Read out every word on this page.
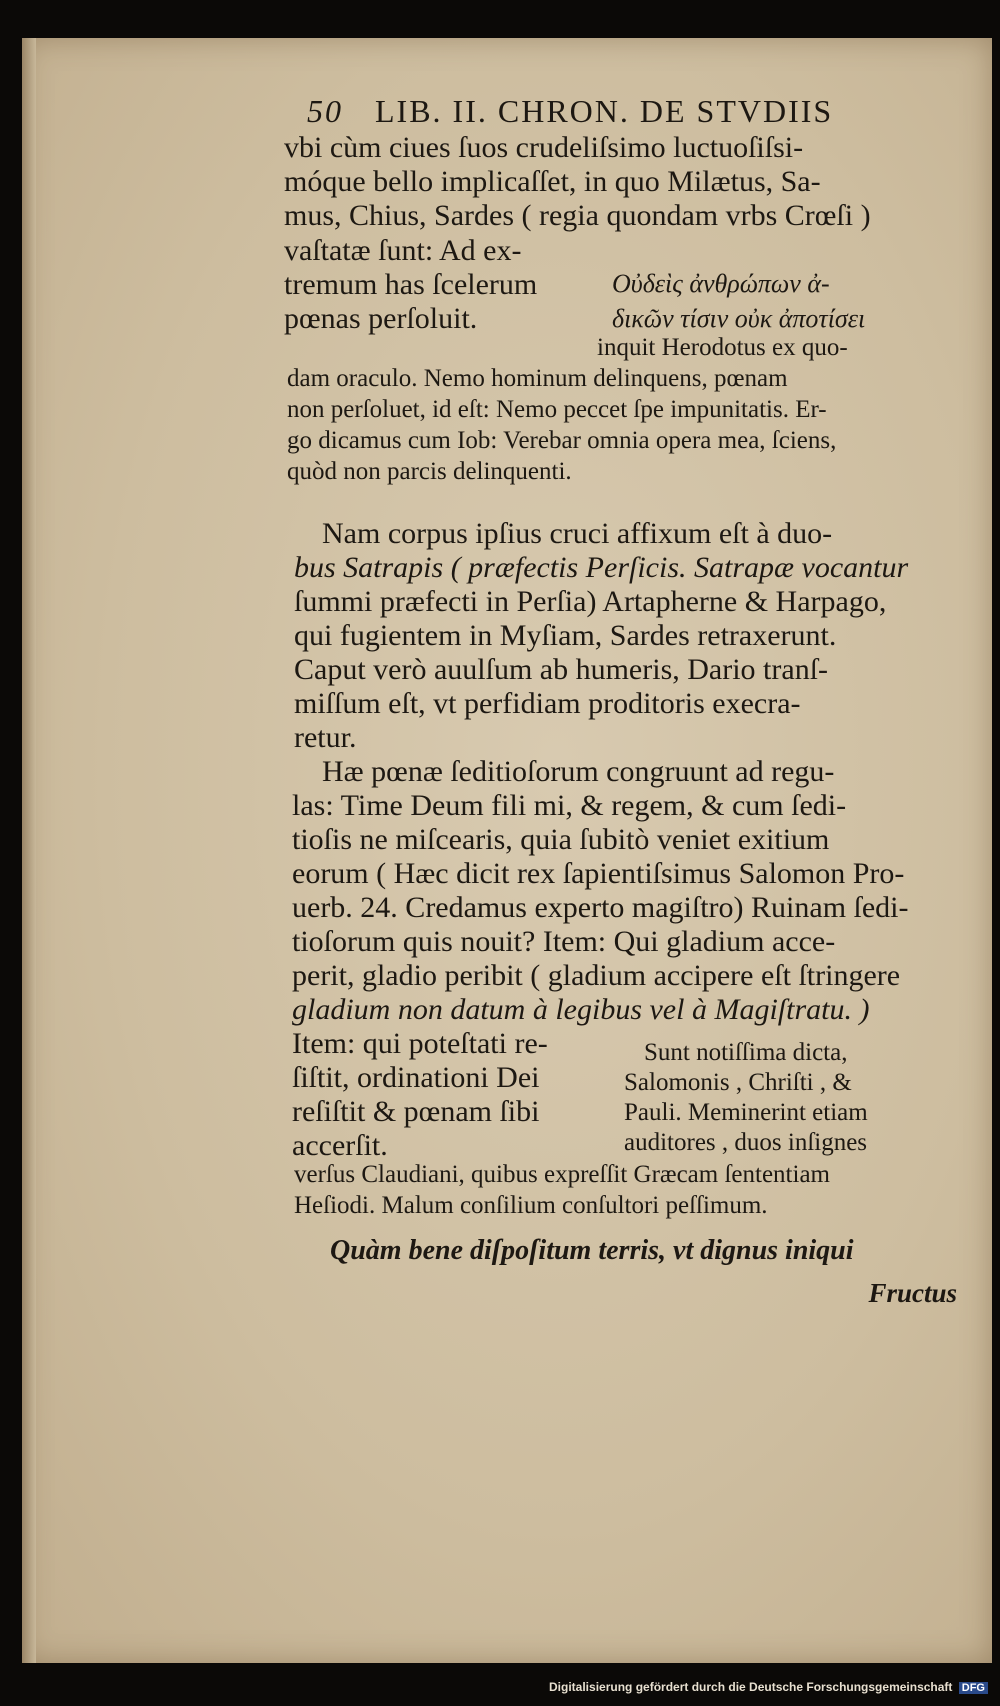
50 LIB. II. CHRON. DE STVDIIS
vbi cùm ciues ſuos crudeliſsimo luctuoſiſsi-
móque bello implicaſſet, in quo Milætus, Sa-
mus, Chius, Sardes ( regia quondam vrbs Crœſi )
vaſtatæ ſunt: Ad ex-
tremum has ſcelerum
pœnas perſoluit.
Οὐδεὶς ἀνθρώπων ἀ-
δικῶν τίσιν οὐκ ἀποτίσει
inquit Herodotus ex quo-
dam oraculo. Nemo hominum delinquens, pœnam
non perſoluet, id eſt: Nemo peccet ſpe impunitatis. Er-
go dicamus cum Iob: Verebar omnia opera mea, ſciens,
quòd non parcis delinquenti.
Nam corpus ipſius cruci affixum eſt à duo-
bus Satrapis ( præfectis Perſicis. Satrapæ vocantur
ſummi præfecti in Perſia) Artapherne & Harpago,
qui fugientem in Myſiam, Sardes retraxerunt.
Caput verò auulſum ab humeris, Dario tranſ-
miſſum eſt, vt perfidiam proditoris execra-
retur.
Hæ pœnæ ſeditioſorum congruunt ad regu-
las: Time Deum fili mi, & regem, & cum ſedi-
tioſis ne miſcearis, quia ſubitò veniet exitium
eorum ( Hæc dicit rex ſapientiſsimus Salomon Pro-
uerb. 24. Credamus experto magiſtro) Ruinam ſedi-
tioſorum quis nouit? Item: Qui gladium acce-
perit, gladio peribit ( gladium accipere eſt ſtringere
gladium non datum à legibus vel à Magiſtratu. )
Item: qui poteſtati re-
ſiſtit, ordinationi Dei
reſiſtit & pœnam ſibi
accerſit.
Sunt notiſſima dicta,
Salomonis , Chriſti , &
Pauli. Meminerint etiam
auditores , duos inſignes
verſus Claudiani, quibus expreſſit Græcam ſententiam
Heſiodi. Malum conſilium conſultori peſſimum.
Quàm bene diſpoſitum terris, vt dignus iniqui
Fructus
Digitalisierung gefördert durch die Deutsche Forschungsgemeinschaft DFG
